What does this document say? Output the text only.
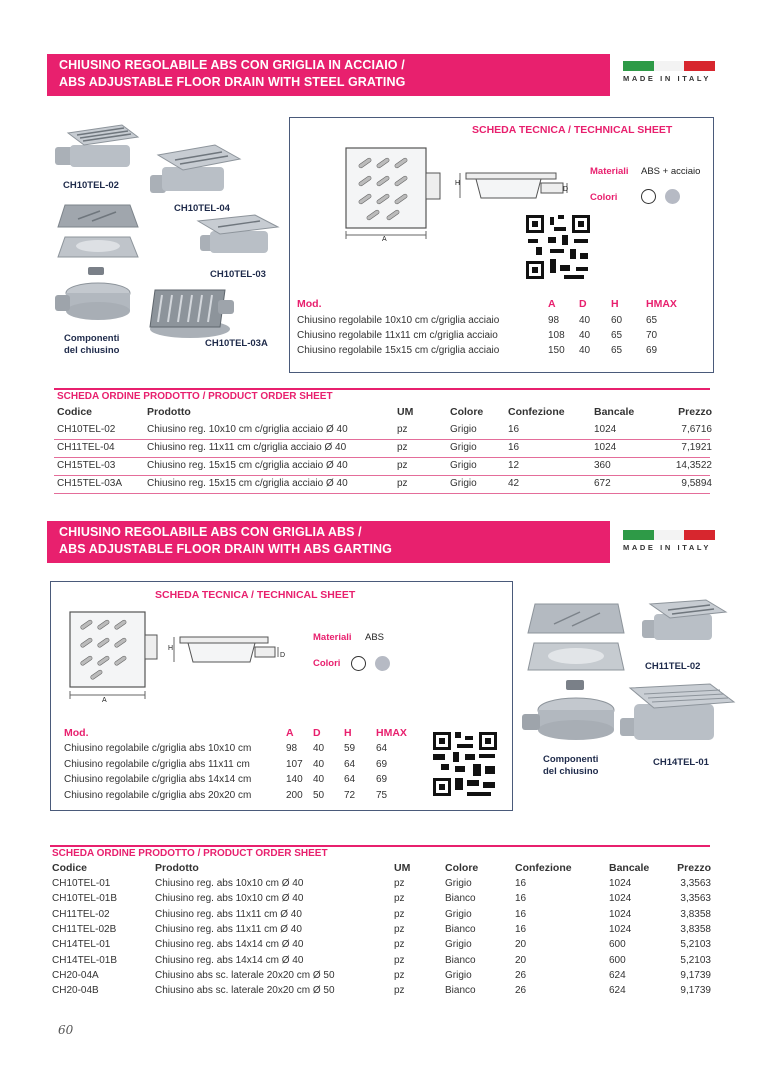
CHIUSINO REGOLABILE ABS CON GRIGLIA IN ACCIAIO /
ABS ADJUSTABLE FLOOR DRAIN WITH STEEL GRATING	MADE IN ITALY
CH10TEL-02
CH10TEL-04
CH10TEL-03
CH10TEL-03A
Componenti
del chiusino
SCHEDA TECNICA / TECHNICAL SHEET
A
H
D
Materiali ABS + acciaio
Colori
Mod.	A D H	HMAX
Chiusino regolabile 10x10 cm c/griglia acciaio	98 40 60 65
Chiusino regolabile 11x11 cm c/griglia acciaio	108 40 65 70
Chiusino regolabile 15x15 cm c/griglia acciaio	150 40 65 69
SCHEDA ORDINE PRODOTTO / PRODUCT ORDER SHEET
Codice	Prodotto	UM	Colore Confezione	Bancale	Prezzo
CH10TEL-02	Chiusino reg. 10x10 cm c/griglia acciaio Ø 40	pz	Grigio	16	1024	7,6716
CH11TEL-04	Chiusino reg. 11x11 cm c/griglia acciaio Ø 40	pz	Grigio	16	1024	7,1921
CH15TEL-03	Chiusino reg. 15x15 cm c/griglia acciaio Ø 40	pz	Grigio	12	360	14,3522
CH15TEL-03A Chiusino reg. 15x15 cm c/griglia acciaio Ø 40	pz	Grigio	42	672	9,5894
CHIUSINO REGOLABILE ABS CON GRIGLIA ABS /
ABS ADJUSTABLE FLOOR DRAIN WITH ABS GARTING	MADE IN ITALY
SCHEDA TECNICA / TECHNICAL SHEET
A
H
D
Materiali ABS
Colori
Mod.	A D H HMAX
Chiusino regolabile c/griglia abs 10x10 cm	98 40 59 64
Chiusino regolabile c/griglia abs 11x11 cm	107 40 64 69
Chiusino regolabile c/griglia abs 14x14 cm	140 40 64 69
Chiusino regolabile c/griglia abs 20x20 cm	200 50 72 75
CH11TEL-02
CH14TEL-01
Componenti
del chiusino
SCHEDA ORDINE PRODOTTO / PRODUCT ORDER SHEET
Codice	Prodotto	UM	Colore	Confezione	Bancale	Prezzo
CH10TEL-01	Chiusino reg. abs 10x10 cm Ø 40	pz	Grigio	16	1024	3,3563
CH10TEL-01B	Chiusino reg. abs 10x10 cm Ø 40	pz	Bianco	16	1024	3,3563
CH11TEL-02	Chiusino reg. abs 11x11 cm Ø 40	pz	Grigio	16	1024	3,8358
CH11TEL-02B	Chiusino reg. abs 11x11 cm Ø 40	pz	Bianco	16	1024	3,8358
CH14TEL-01	Chiusino reg. abs 14x14 cm Ø 40	pz	Grigio	20	600	5,2103
CH14TEL-01B	Chiusino reg. abs 14x14 cm Ø 40	pz	Bianco	20	600	5,2103
CH20-04A	Chiusino abs sc. laterale 20x20 cm Ø 50	pz	Grigio	26	624	9,1739
CH20-04B	Chiusino abs sc. laterale 20x20 cm Ø 50	pz	Bianco	26	624	9,1739
60
